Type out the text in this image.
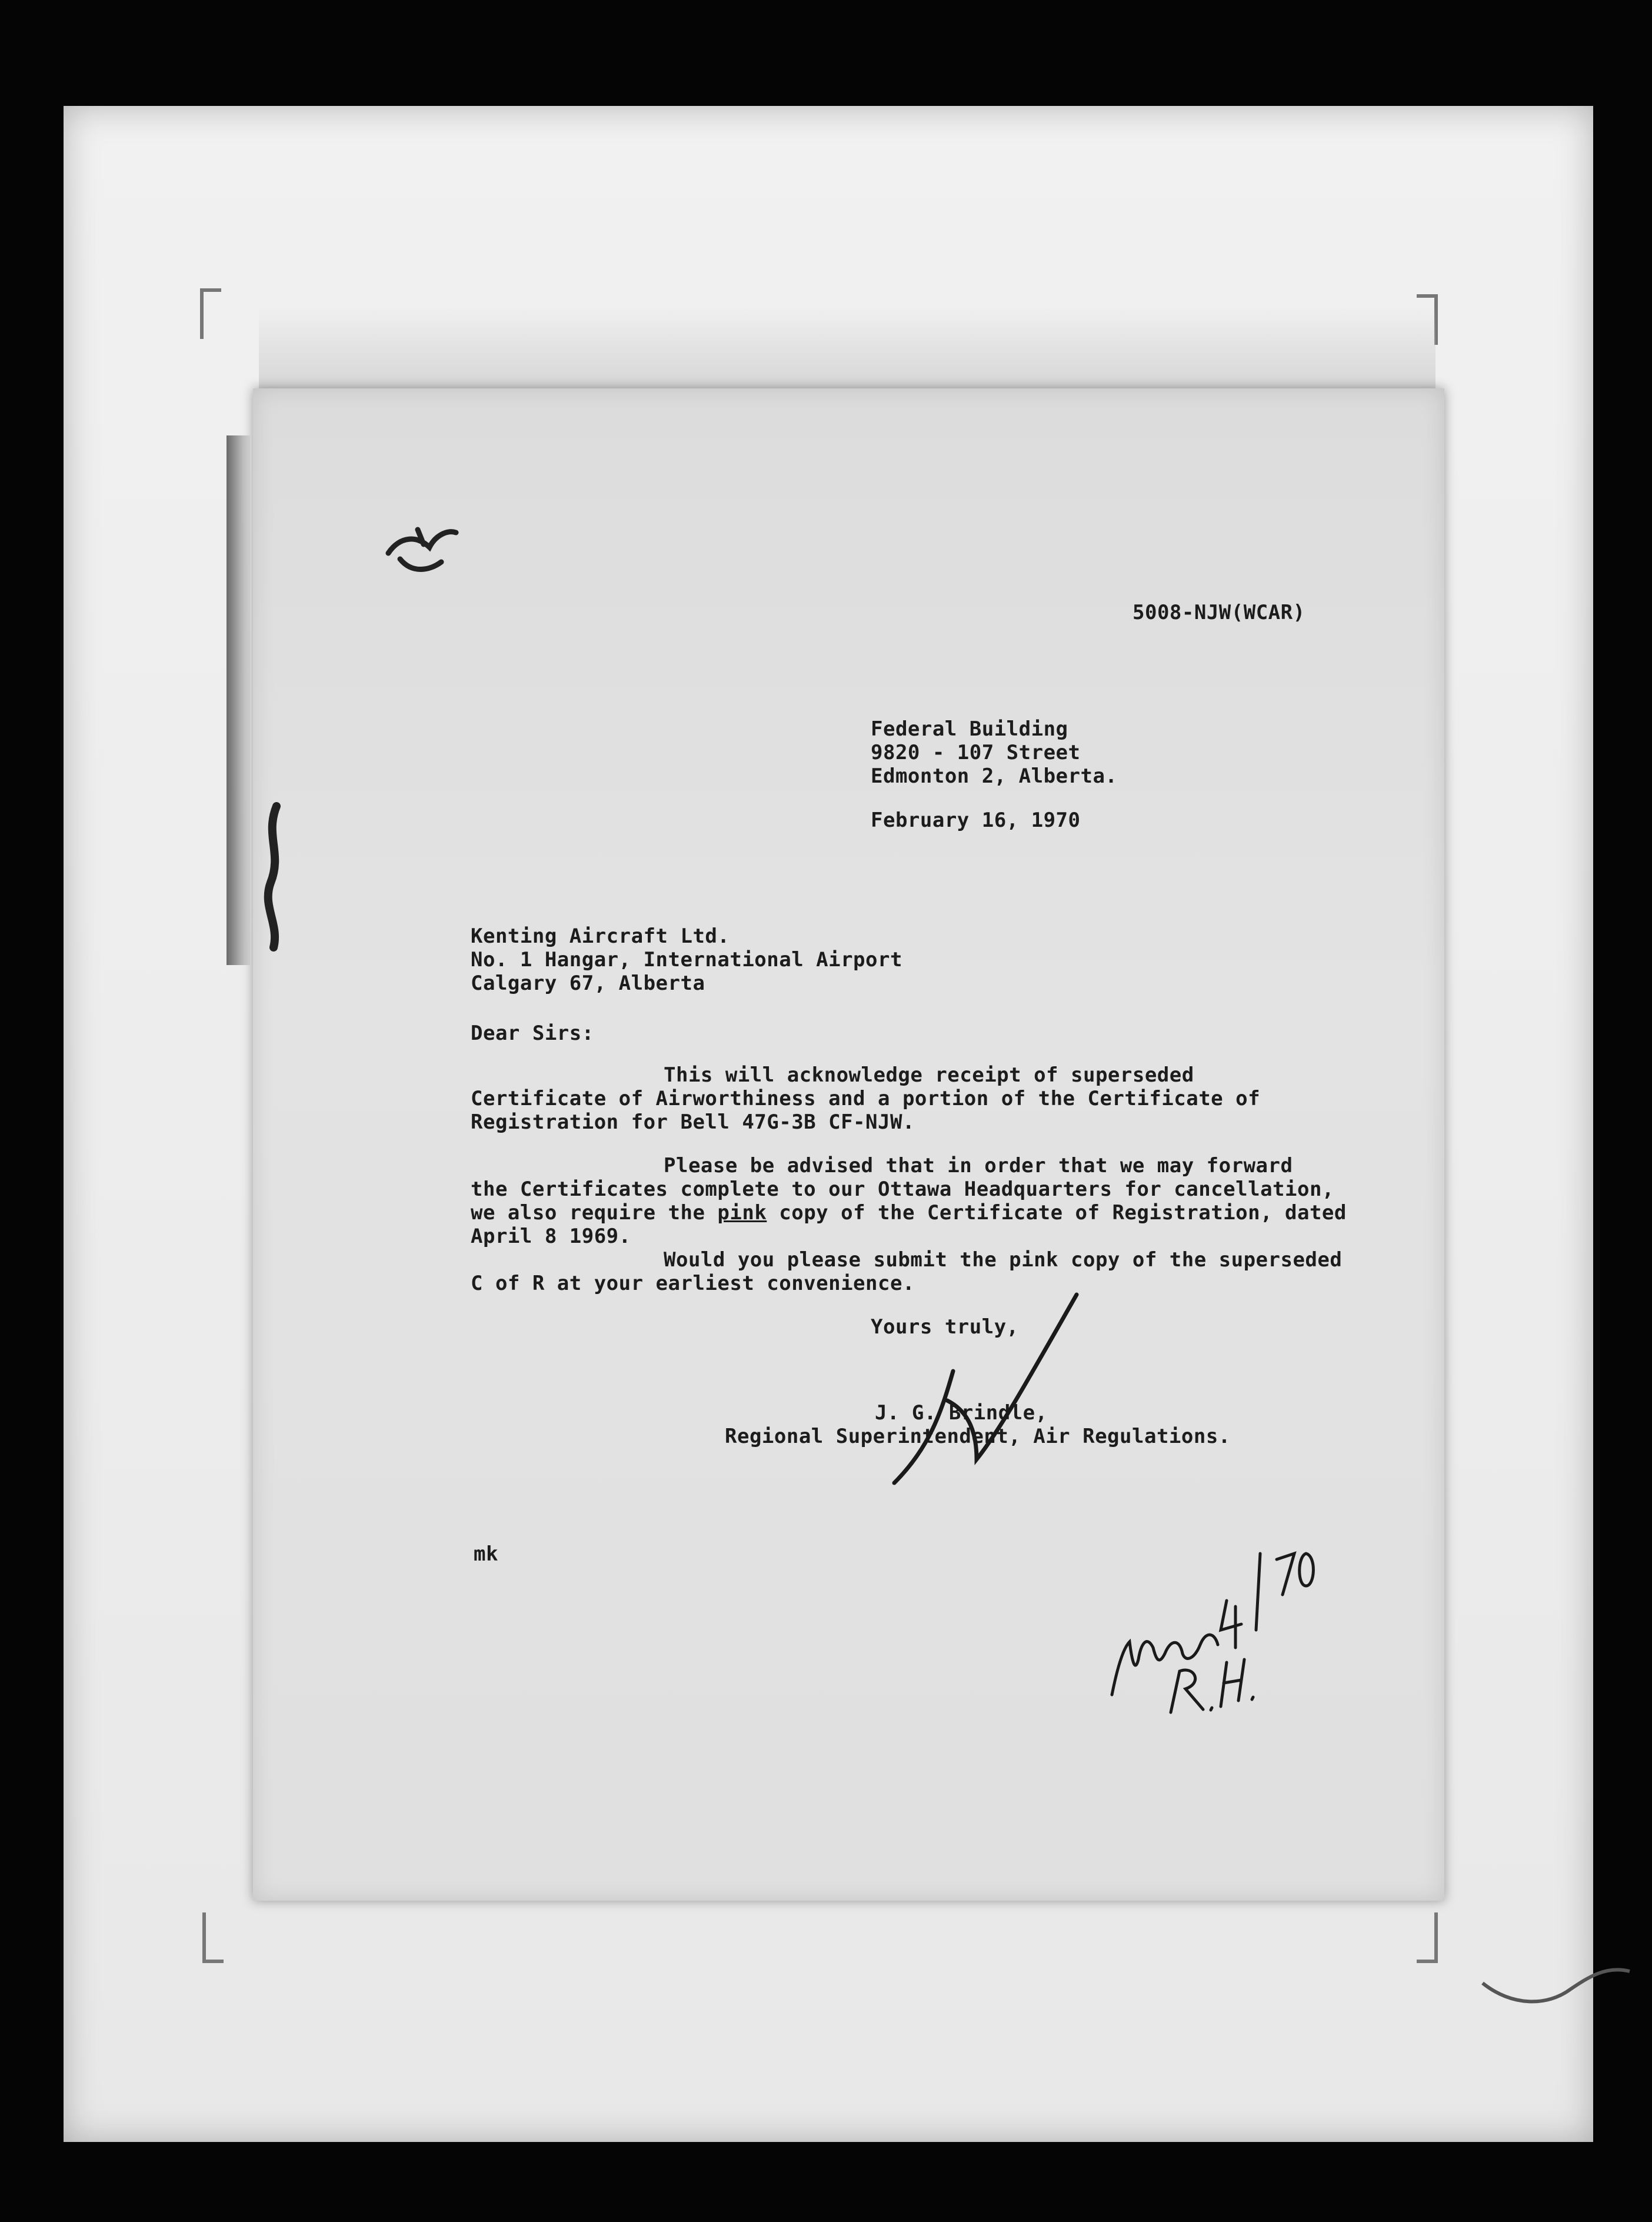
5008-NJW(WCAR)
Federal Building
9820 - 107 Street
Edmonton 2, Alberta.
February 16, 1970
Kenting Aircraft Ltd.
No. 1 Hangar, International Airport
Calgary 67, Alberta
Dear Sirs:
This will acknowledge receipt of superseded
Certificate of Airworthiness and a portion of the Certificate of
Registration for Bell 47G-3B CF-NJW.
Please be advised that in order that we may forward
the Certificates complete to our Ottawa Headquarters for cancellation,
we also require the pink copy of the Certificate of Registration, dated
April 8 1969.
Would you please submit the pink copy of the superseded
C of R at your earliest convenience.
Yours truly,
J. G. Brindle,
Regional Superintendent, Air Regulations.
mk
